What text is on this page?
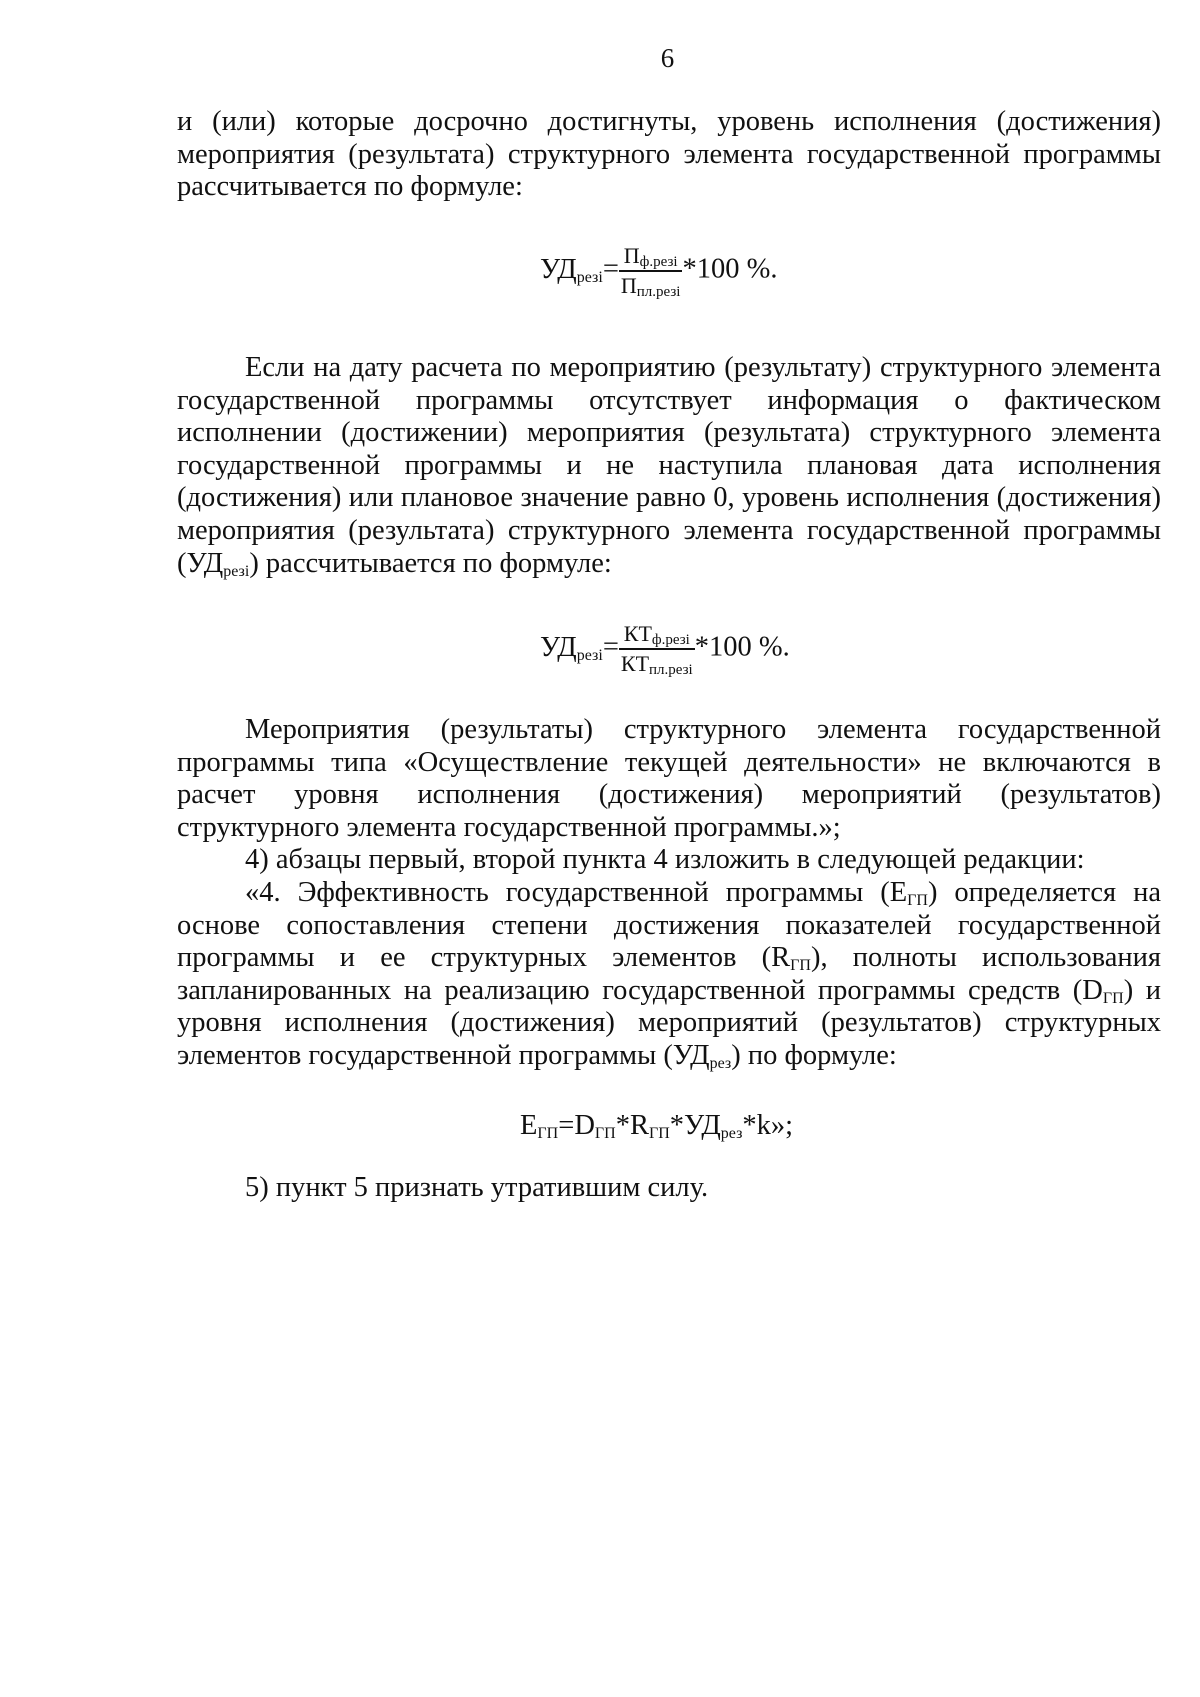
6

и (или) которые досрочно достигнуты, уровень исполнения (достижения) мероприятия (результата) структурного элемента государственной программы рассчитывается по формуле:

$УД_{резi}= \frac{П_{ф.резi}}{П_{пл.резi}} *100$ %.

Если на дату расчета по мероприятию (результату) структурного элемента государственной программы отсутствует информация о фактическом исполнении (достижении) мероприятия (результата) структурного элемента государственной программы и не наступила плановая дата исполнения (достижения) или плановое значение равно 0, уровень исполнения (достижения) мероприятия (результата) структурного элемента государственной программы $(УД_{резi})$ рассчитывается по формуле:

$УД_{резi}= \frac{КТ_{ф.резi}}{КТ_{пл.резi}} *100$ %.

Мероприятия (результаты) структурного элемента государственной программы типа «Осуществление текущей деятельности» не включаются в расчет уровня исполнения (достижения) мероприятий (результатов) структурного элемента государственной программы.»;

4) абзацы первый, второй пункта 4 изложить в следующей редакции:

«4. Эффективность государственной программы $(Е_{ГП})$ определяется на основе сопоставления степени достижения показателей государственной программы и ее структурных элементов $(R_{ГП})$, полноты использования запланированных на реализацию государственной программы средств $(D_{ГП})$ и уровня исполнения (достижения) мероприятий (результатов) структурных элементов государственной программы $(УД_{рез})$ по формуле:

$Е_{ГП}=D_{ГП}*R_{ГП}*УД_{рез}*k$»;

5) пункт 5 признать утратившим силу.
